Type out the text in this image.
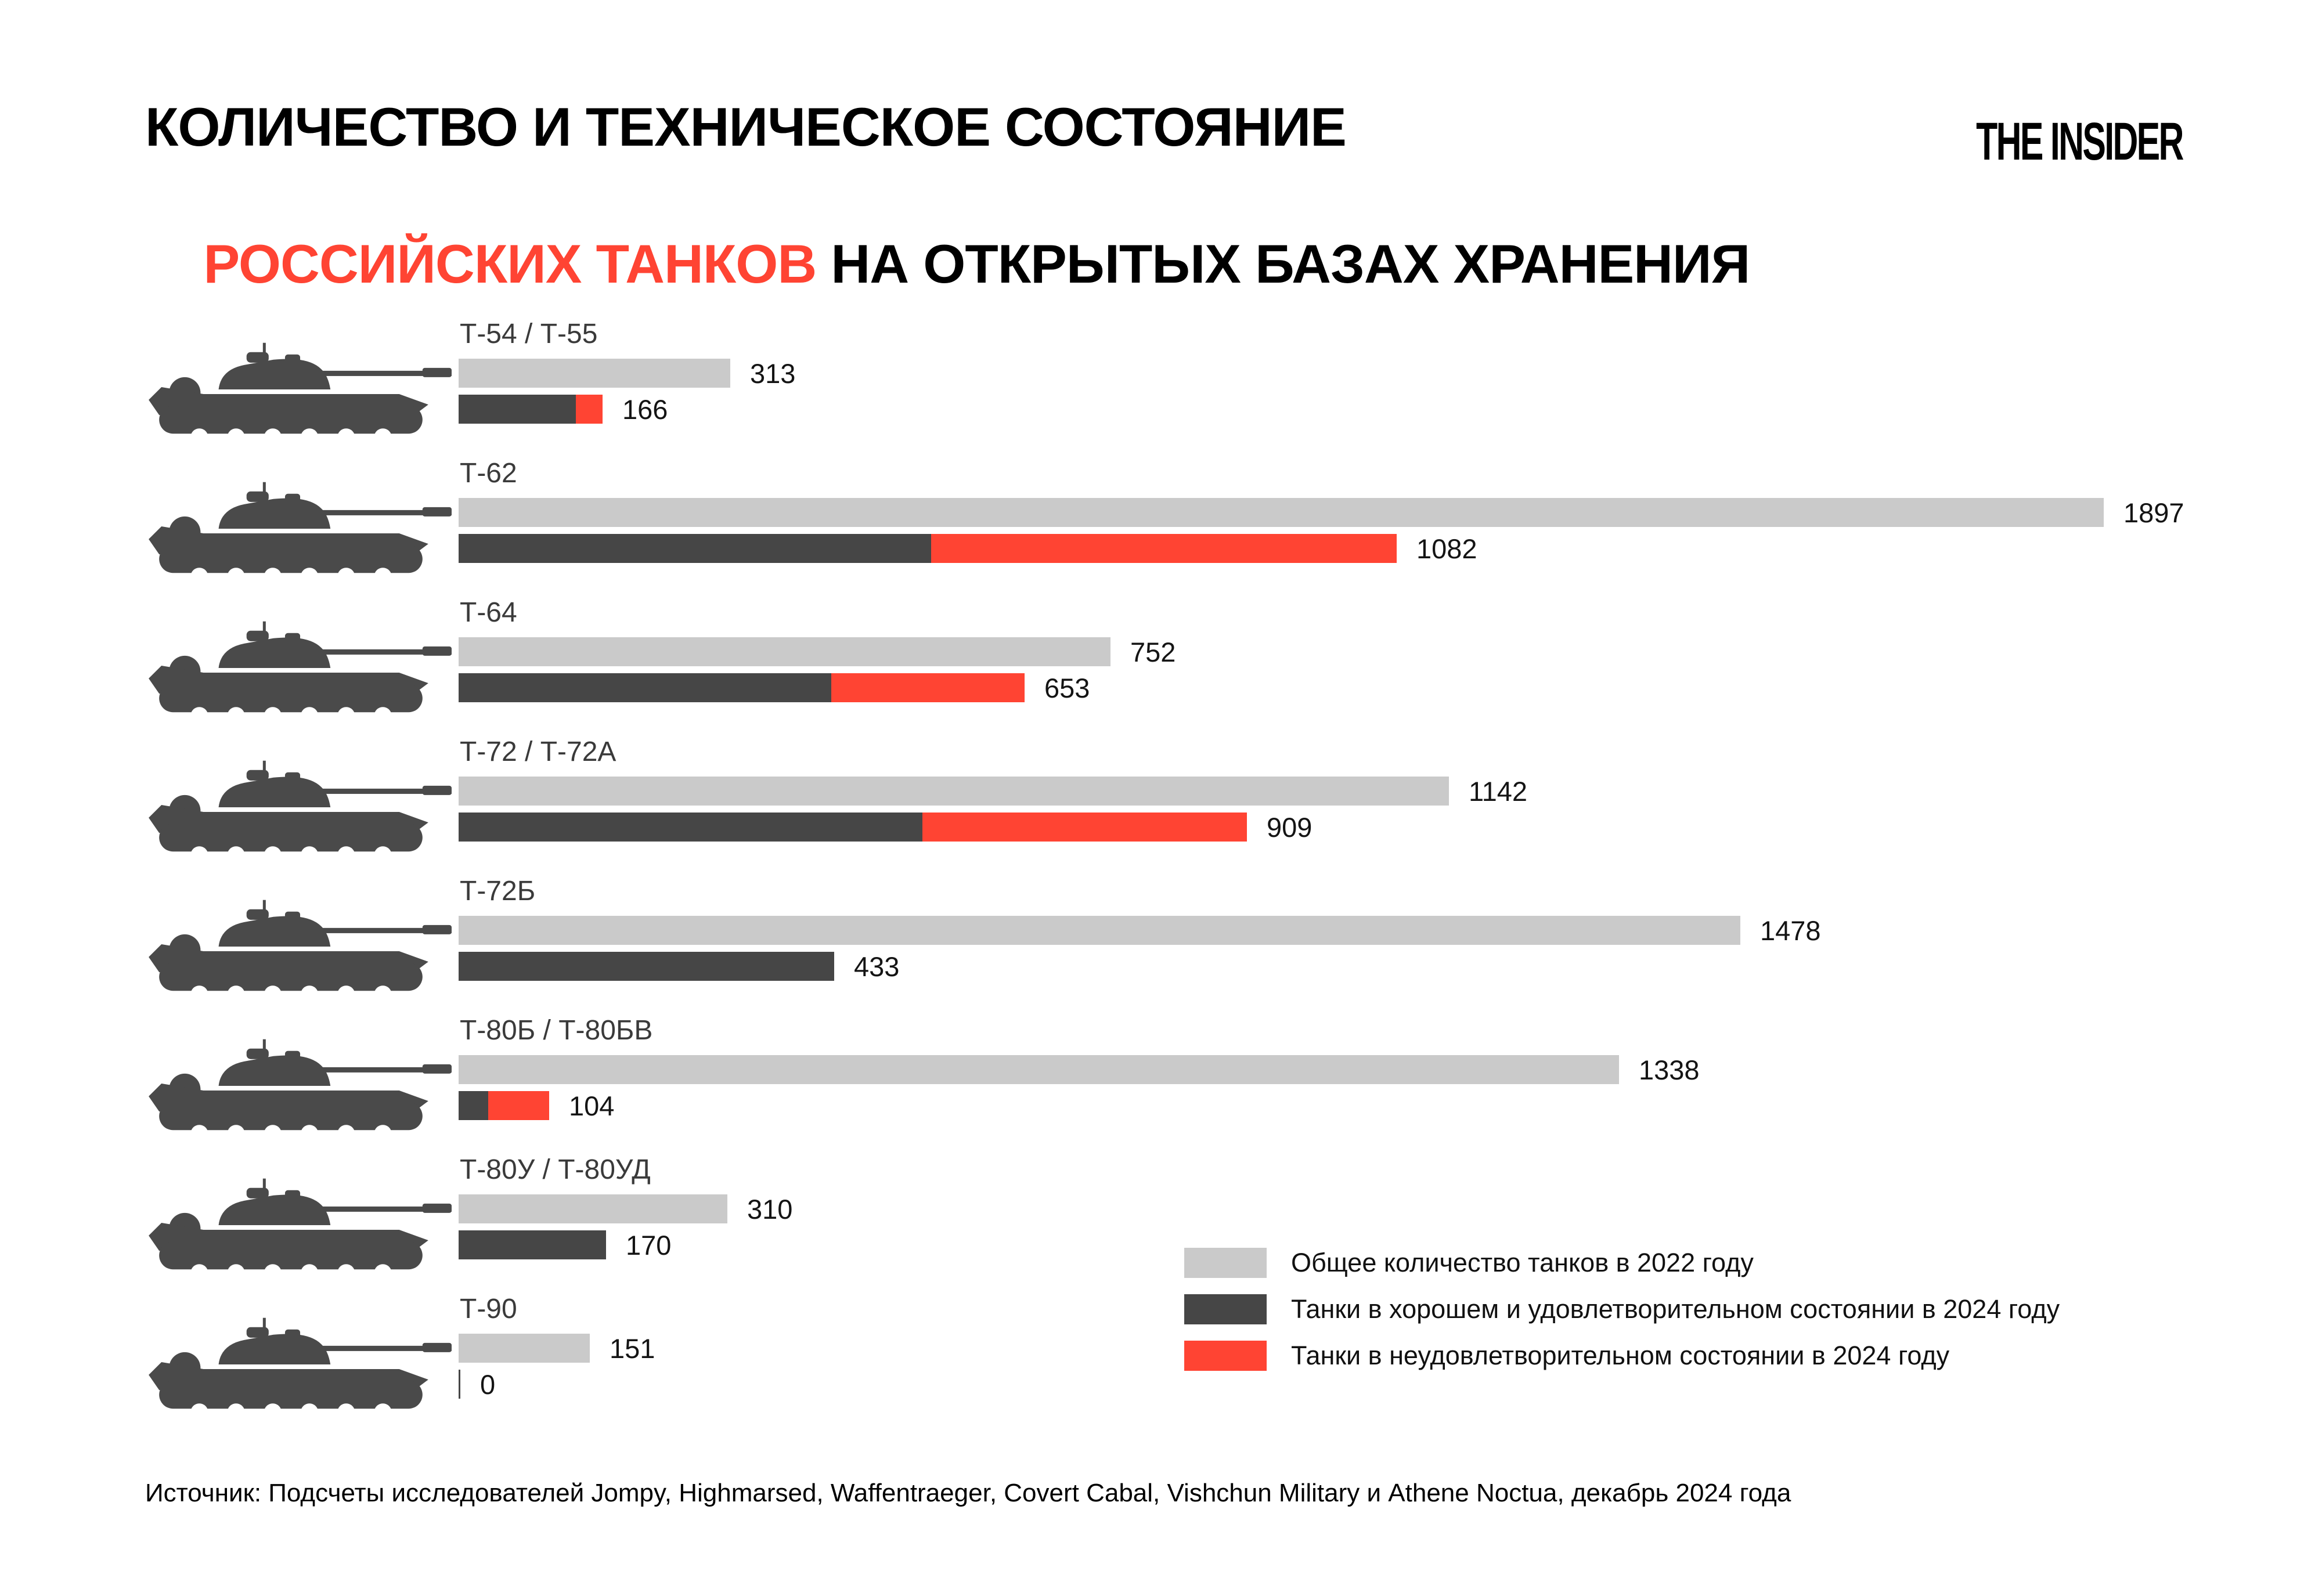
КОЛИЧЕСТВО И ТЕХНИЧЕСКОЕ СОСТОЯНИЕ

РОССИЙСКИХ ТАНКОВ НА ОТКРЫТЫХ БАЗАХ ХРАНЕНИЯ

THE INSIDER
Т-54 / Т-55
313
166
Т-62
1897
1082
Т-64
752
653
Т-72 / Т-72А
1142
909
Т-72Б
1478
433
Т-80Б / Т-80БВ
1338
104
Т-80У / Т-80УД
310
170
Т-90
151
0
Общее количество танков в 2022 году
Танки в хорошем и удовлетворительном состоянии в 2024 году
Танки в неудовлетворительном состоянии в 2024 году
Источник: Подсчеты исследователей Jompy, Highmarsed, Waffentraeger, Covert Cabal, Vishchun Military и Athene Noctua, декабрь 2024 года
